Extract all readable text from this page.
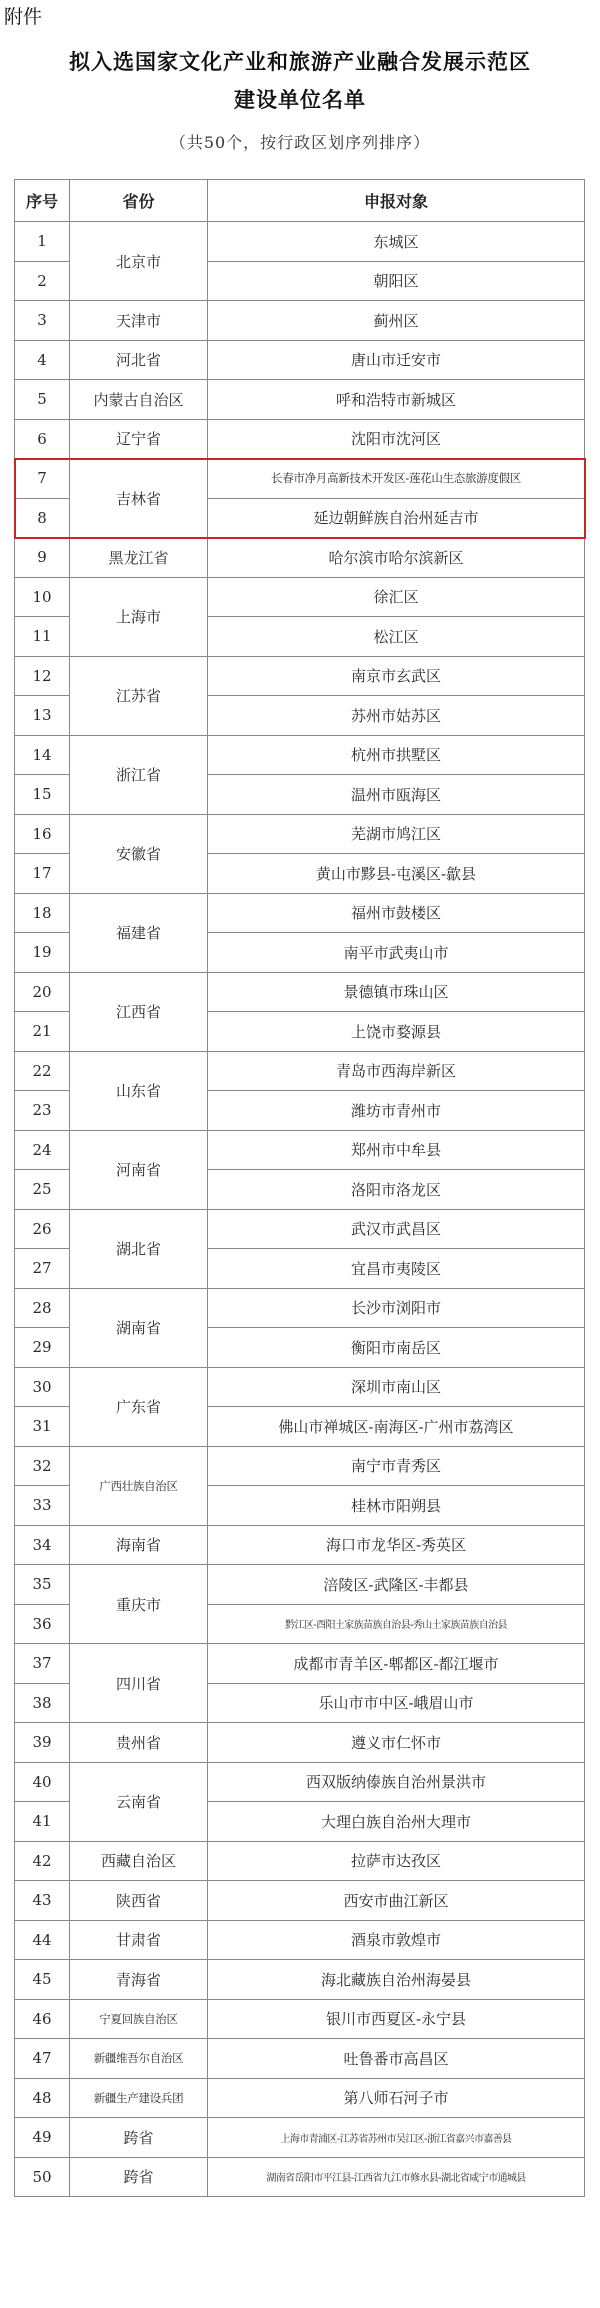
附件
拟入选国家文化产业和旅游产业融合发展示范区
建设单位名单
（共50个，按行政区划序列排序）
序号	省份	申报对象
1	北京市	东城区
2		朝阳区
3	天津市	蓟州区
4	河北省	唐山市迁安市
5	内蒙古自治区	呼和浩特市新城区
6	辽宁省	沈阳市沈河区
7	吉林省	长春市净月高新技术开发区-莲花山生态旅游度假区
8		延边朝鲜族自治州延吉市
9	黑龙江省	哈尔滨市哈尔滨新区
10	上海市	徐汇区
11		松江区
12	江苏省	南京市玄武区
13		苏州市姑苏区
14	浙江省	杭州市拱墅区
15		温州市瓯海区
16	安徽省	芜湖市鸠江区
17		黄山市黟县-屯溪区-歙县
18	福建省	福州市鼓楼区
19		南平市武夷山市
20	江西省	景德镇市珠山区
21		上饶市婺源县
22	山东省	青岛市西海岸新区
23		潍坊市青州市
24	河南省	郑州市中牟县
25		洛阳市洛龙区
26	湖北省	武汉市武昌区
27		宜昌市夷陵区
28	湖南省	长沙市浏阳市
29		衡阳市南岳区
30	广东省	深圳市南山区
31		佛山市禅城区-南海区-广州市荔湾区
32	广西壮族自治区	南宁市青秀区
33		桂林市阳朔县
34	海南省	海口市龙华区-秀英区
35	重庆市	涪陵区-武隆区-丰都县
36		黔江区-酉阳土家族苗族自治县-秀山土家族苗族自治县
37	四川省	成都市青羊区-郫都区-都江堰市
38		乐山市市中区-峨眉山市
39	贵州省	遵义市仁怀市
40	云南省	西双版纳傣族自治州景洪市
41		大理白族自治州大理市
42	西藏自治区	拉萨市达孜区
43	陕西省	西安市曲江新区
44	甘肃省	酒泉市敦煌市
45	青海省	海北藏族自治州海晏县
46	宁夏回族自治区	银川市西夏区-永宁县
47	新疆维吾尔自治区	吐鲁番市高昌区
48	新疆生产建设兵团	第八师石河子市
49	跨省	上海市青浦区-江苏省苏州市吴江区-浙江省嘉兴市嘉善县
50	跨省	湖南省岳阳市平江县-江西省九江市修水县-湖北省咸宁市通城县
